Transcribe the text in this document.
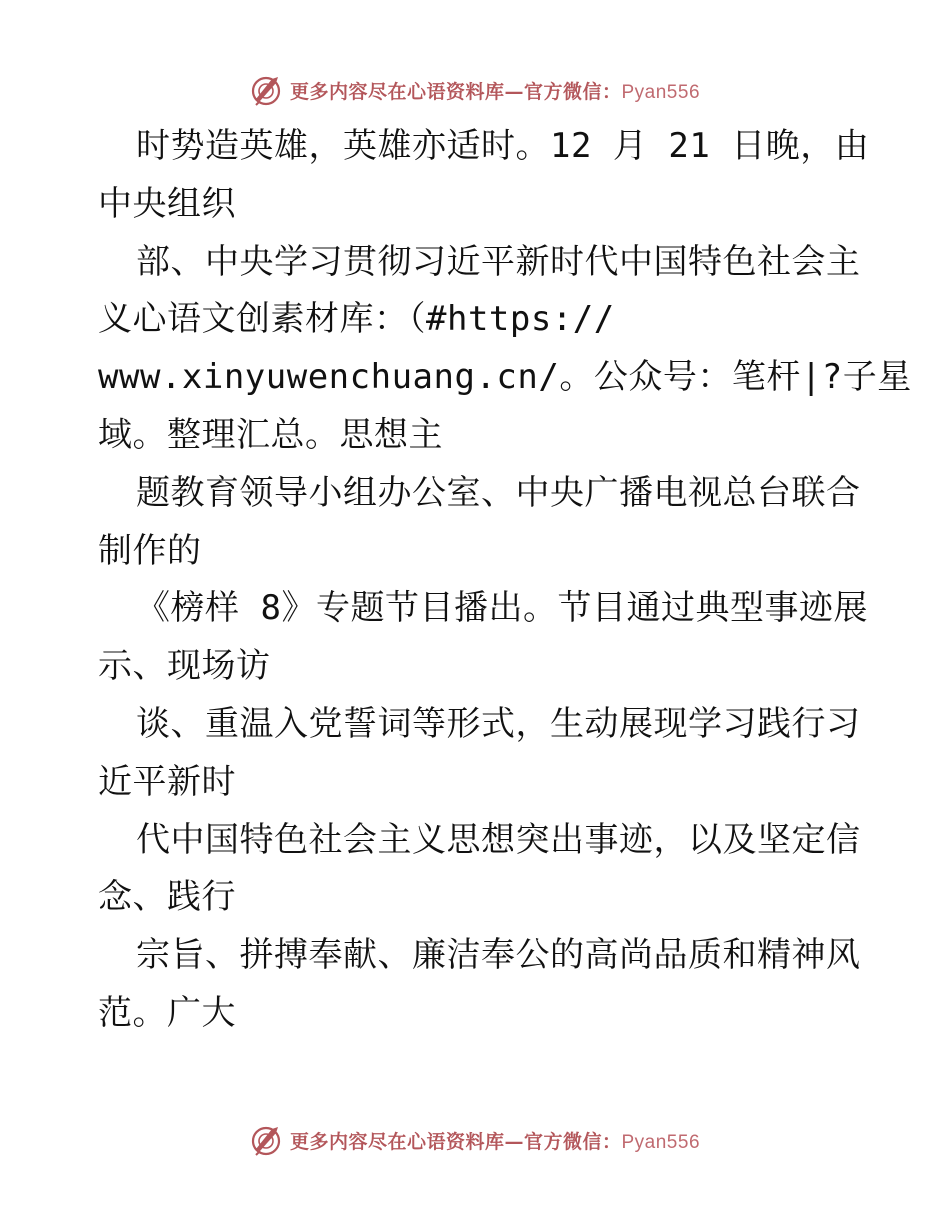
更多内容尽在心语资料库—官方微信：Pyan556
时势造英雄，英雄亦适时。12 月 21 日晚，由
中央组织
部、中央学习贯彻习近平新时代中国特色社会主
义心语文创素材库：（#https://
www.xinyuwenchuang.cn/。公众号：笔杆|?子星
域。整理汇总。思想主
题教育领导小组办公室、中央广播电视总台联合
制作的
《榜样 8》专题节目播出。节目通过典型事迹展
示、现场访
谈、重温入党誓词等形式，生动展现学习践行习
近平新时
代中国特色社会主义思想突出事迹，以及坚定信
念、践行
宗旨、拼搏奉献、廉洁奉公的高尚品质和精神风
范。广大
更多内容尽在心语资料库—官方微信：Pyan556
